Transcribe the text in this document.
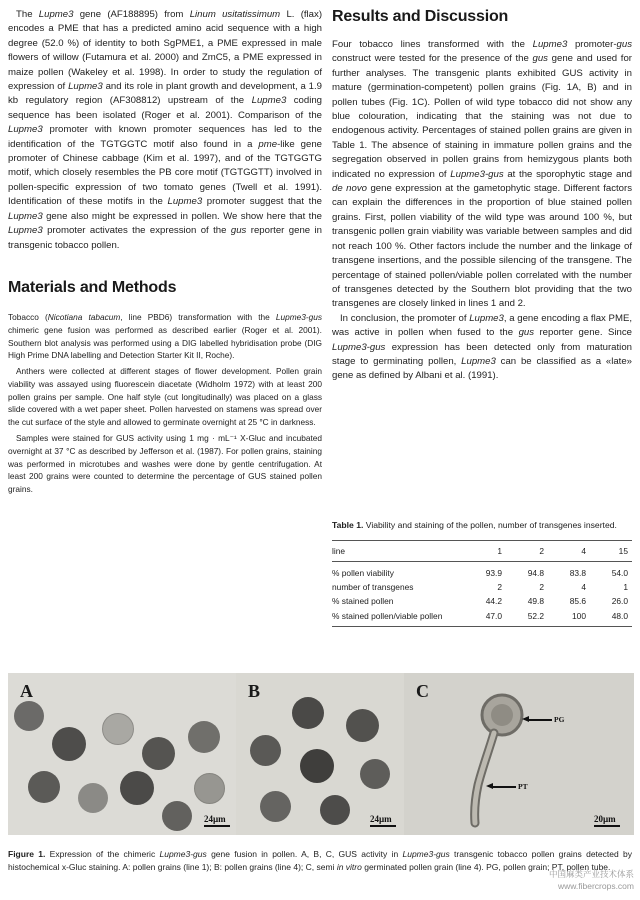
The Lupme3 gene (AF188895) from Linum usitatissimum L. (flax) encodes a PME that has a predicted amino acid sequence with a high degree (52.0 %) of identity to both SgPME1, a PME expressed in male flowers of willow (Futamura et al. 2000) and ZmC5, a PME expressed in maize pollen (Wakeley et al. 1998). In order to study the regulation of expression of Lupme3 and its role in plant growth and development, a 1.9 kb regulatory region (AF308812) upstream of the Lupme3 coding sequence has been isolated (Roger et al. 2001). Comparison of the Lupme3 promoter with known promoter sequences has led to the identification of the TGTGGTC motif also found in a pme-like gene promoter of Chinese cabbage (Kim et al. 1997), and of the TGTGGTG motif, which closely resembles the PB core motif (TGTGGTT) involved in pollen-specific expression of two tomato genes (Twell et al. 1991). Identification of these motifs in the Lupme3 promoter suggest that the Lupme3 gene also might be expressed in pollen. We show here that the Lupme3 promoter activates the expression of the gus reporter gene in transgenic tobacco pollen.

Materials and Methods

Tobacco (Nicotiana tabacum, line PBD6) transformation with the Lupme3-gus chimeric gene fusion was performed as described earlier (Roger et al. 2001). Southern blot analysis was performed using a DIG labelled hybridisation probe (DIG High Prime DNA labelling and Detection Starter Kit II, Roche).

Anthers were collected at different stages of flower development. Pollen grain viability was assayed using fluorescein diacetate (Widholm 1972) with at least 200 pollen grains per sample. One half style (cut longitudinally) was placed on a glass slide covered with a wet paper sheet. Pollen harvested on stamens was spread over the cut surface of the style and allowed to germinate overnight at 25 °C in darkness.

Samples were stained for GUS activity using 1 mg · mL⁻¹ X-Gluc and incubated overnight at 37 °C as described by Jefferson et al. (1987). For pollen grains, staining was performed in microtubes and washes were done by gentle centrifugation. At least 200 grains were counted to determine the percentage of GUS stained pollen grains.

Results and Discussion

Four tobacco lines transformed with the Lupme3 promoter-gus construct were tested for the presence of the gus gene and used for further analyses. The transgenic plants exhibited GUS activity in mature (germination-competent) pollen grains (Fig. 1A, B) and in pollen tubes (Fig. 1C). Pollen of wild type tobacco did not show any blue colouration, indicating that the staining was not due to endogenous activity. Percentages of stained pollen grains are given in Table 1. The absence of staining in immature pollen grains and the segregation observed in pollen grains from hemizygous plants both indicated no expression of Lupme3-gus at the sporophytic stage and de novo gene expression at the gametophytic stage. Different factors can explain the differences in the proportion of blue stained pollen grains. First, pollen viability of the wild type was around 100 %, but transgenic pollen grain viability was variable between samples and did not reach 100 %. Other factors include the number and the linkage of transgene insertions, and the possible silencing of the transgene. The percentage of stained pollen/viable pollen correlated with the number of transgenes detected by the Southern blot providing that the two transgenes are closely linked in lines 1 and 2.

In conclusion, the promoter of Lupme3, a gene encoding a flax PME, was active in pollen when fused to the gus reporter gene. Since Lupme3-gus expression has been detected only from maturation stage to germinating pollen, Lupme3 can be classified as a «late» gene as defined by Albani et al. (1991).

Table 1. Viability and staining of the pollen, number of transgenes inserted.

line	1	2	4	15
% pollen viability	93.9	94.8	83.8	54.0
number of transgenes	2	2	4	1
% stained pollen	44.2	49.8	85.6	26.0
% stained pollen/viable pollen	47.0	52.2	100	48.0
A
24µm
B
24µm
C
PG
PT
20µm

Figure 1. Expression of the chimeric Lupme3-gus gene fusion in pollen. A, B, C, GUS activity in Lupme3-gus transgenic tobacco pollen grains detected by histochemical x-Gluc staining. A: pollen grains (line 1); B: pollen grains (line 4); C, semi in vitro germinated pollen grain (line 4). PG, pollen grain; PT, pollen tube.

中国麻类产业技术体系
www.fibercrops.com
